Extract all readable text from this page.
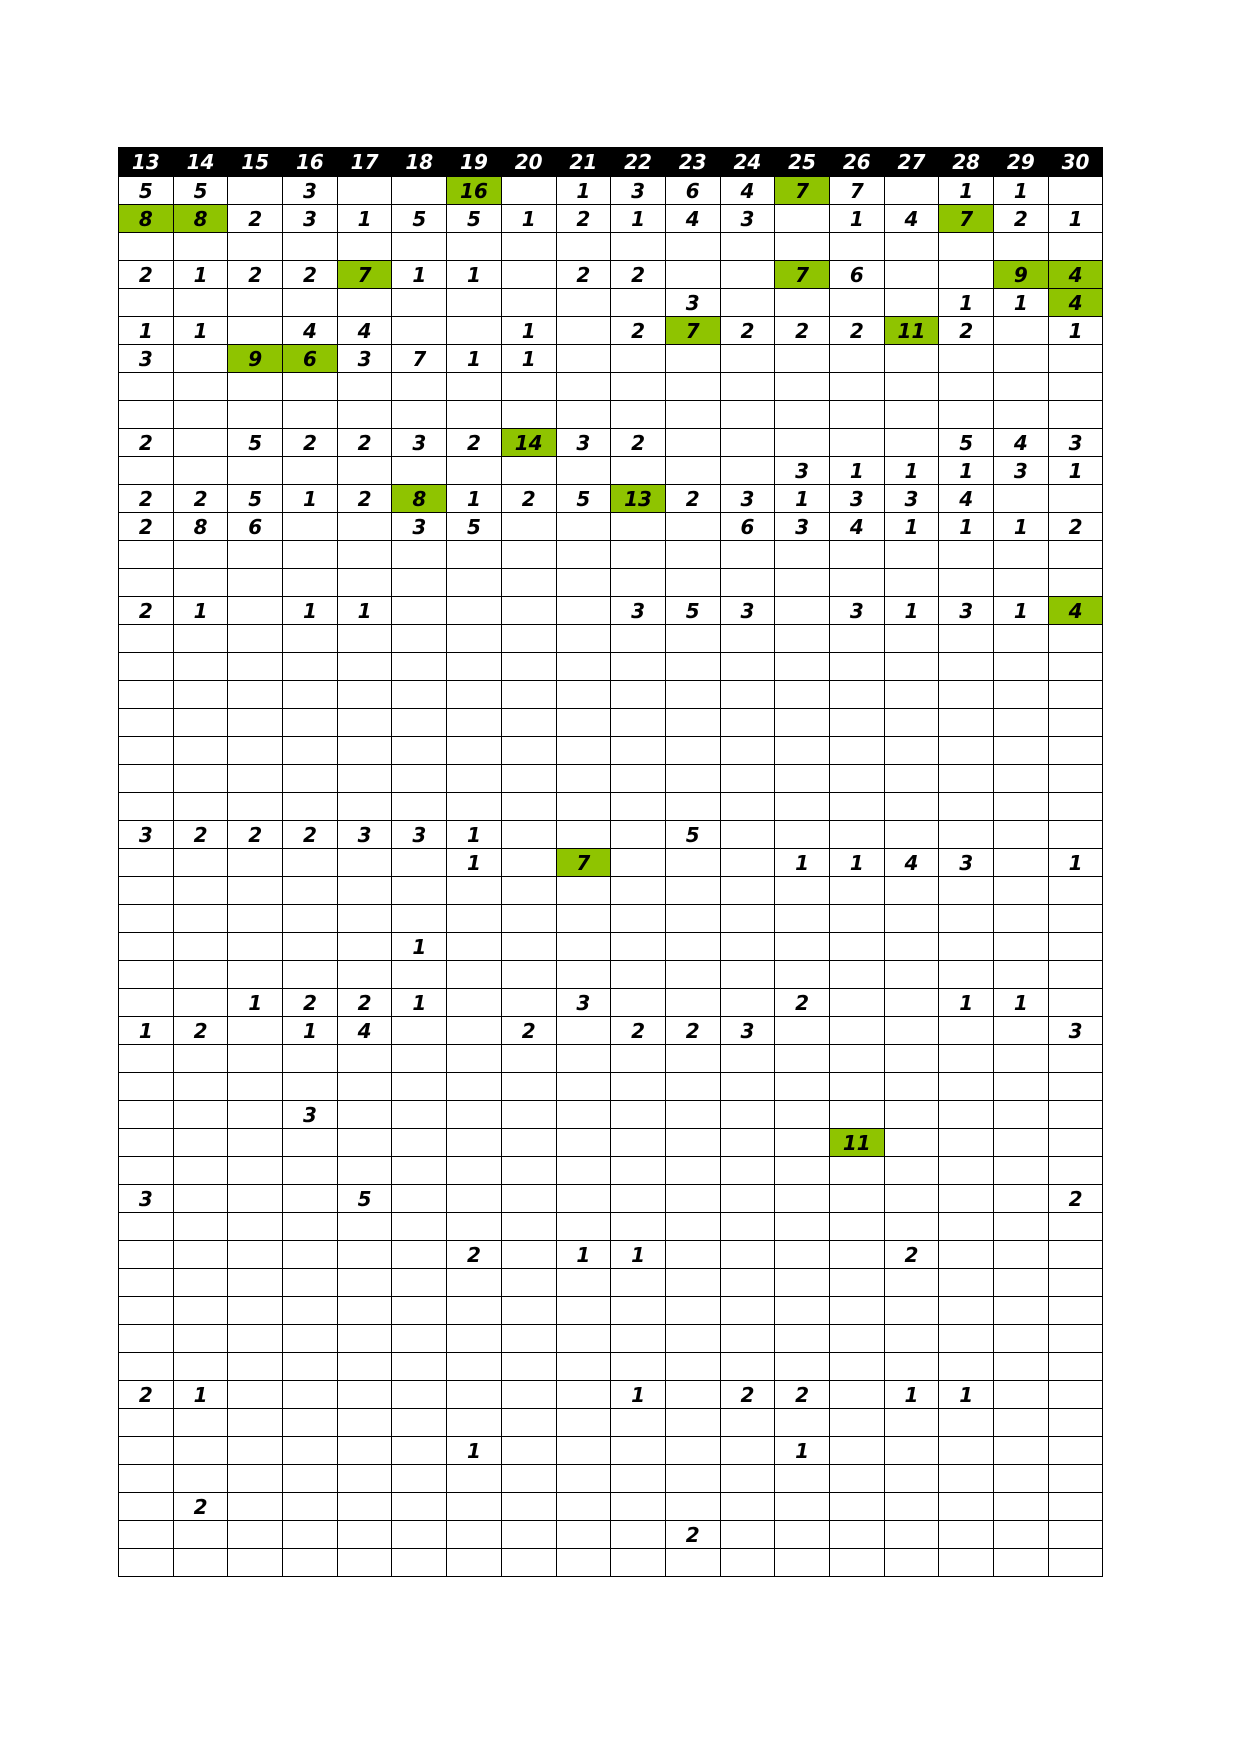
13	14	15	16	17	18	19	20	21	22	23	24	25	26	27	28	29	30
5	5		3			16		1	3	6	4	7	7		1	1	
8	8	2	3	1	5	5	1	2	1	4	3		1	4	7	2	1

2	1	2	2	7	1	1		2	2			7	6			9	4
										3					1	1	4
1	1		4	4			1		2	7	2	2	2	11	2		1
3		9	6	3	7	1	1										

2		5	2	2	3	2	14	3	2						5	4	3
												3	1	1	1	3	1
2	2	5	1	2	8	1	2	5	13	2	3	1	3	3	4		
2	8	6			3	5					6	3	4	1	1	1	2

2	1		1	1					3	5	3		3	1	3	1	4

3	2	2	2	3	3	1				5							
						1		7				1	1	4	3		1

					1												

		1	2	2	1			3				2			1	1	
1	2		1	4			2		2	2	3						3

			3														
													11				

3				5													2

						2		1	1					2			

2	1								1		2	2		1	1		

						1						1					

	2																
										2							
